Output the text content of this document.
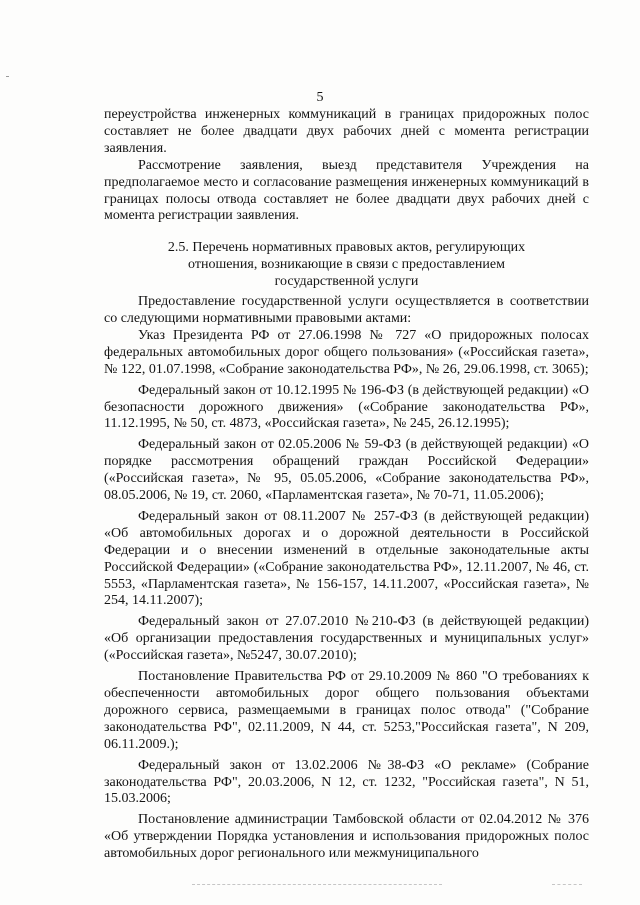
5

переустройства инженерных коммуникаций в границах придорожных полос составляет не более двадцати двух рабочих дней с момента регистрации заявления.

Рассмотрение заявления, выезд представителя Учреждения на предполагаемое место и согласование размещения инженерных коммуникаций в границах полосы отвода составляет не более двадцати двух рабочих дней с момента регистрации заявления.

2.5. Перечень нормативных правовых актов, регулирующих
отношения, возникающие в связи с предоставлением
государственной услуги

Предоставление государственной услуги осуществляется в соответствии со следующими нормативными правовыми актами:

Указ Президента РФ от 27.06.1998 № 727 «О придорожных полосах федеральных автомобильных дорог общего пользования» («Российская газета», № 122, 01.07.1998, «Собрание законодательства РФ», № 26, 29.06.1998, ст. 3065);

Федеральный закон от 10.12.1995 № 196-ФЗ (в действующей редакции) «О безопасности дорожного движения» («Собрание законодательства РФ», 11.12.1995, № 50, ст. 4873, «Российская газета», № 245, 26.12.1995);

Федеральный закон от 02.05.2006 № 59-ФЗ (в действующей редакции) «О порядке рассмотрения обращений граждан Российской Федерации» («Российская газета», № 95, 05.05.2006, «Собрание законодательства РФ», 08.05.2006, № 19, ст. 2060, «Парламентская газета», № 70-71, 11.05.2006);

Федеральный закон от 08.11.2007 № 257-ФЗ (в действующей редакции) «Об автомобильных дорогах и о дорожной деятельности в Российской Федерации и о внесении изменений в отдельные законодательные акты Российской Федерации» («Собрание законодательства РФ», 12.11.2007, № 46, ст. 5553, «Парламентская газета», № 156-157, 14.11.2007, «Российская газета», № 254, 14.11.2007);

Федеральный закон от 27.07.2010 №210-ФЗ (в действующей редакции) «Об организации предоставления государственных и муниципальных услуг» («Российская газета», №5247, 30.07.2010);

Постановление Правительства РФ от 29.10.2009 № 860 "О требованиях к обеспеченности автомобильных дорог общего пользования объектами дорожного сервиса, размещаемыми в границах полос отвода" ("Собрание законодательства РФ", 02.11.2009, N 44, ст. 5253,"Российская газета", N 209, 06.11.2009.);

Федеральный закон от 13.02.2006 №38-ФЗ «О рекламе» (Собрание законодательства РФ", 20.03.2006, N 12, ст. 1232, "Российская газета", N 51, 15.03.2006;

Постановление администрации Тамбовской области от 02.04.2012 № 376 «Об утверждении Порядка установления и использования придорожных полос автомобильных дорог регионального или межмуниципального
